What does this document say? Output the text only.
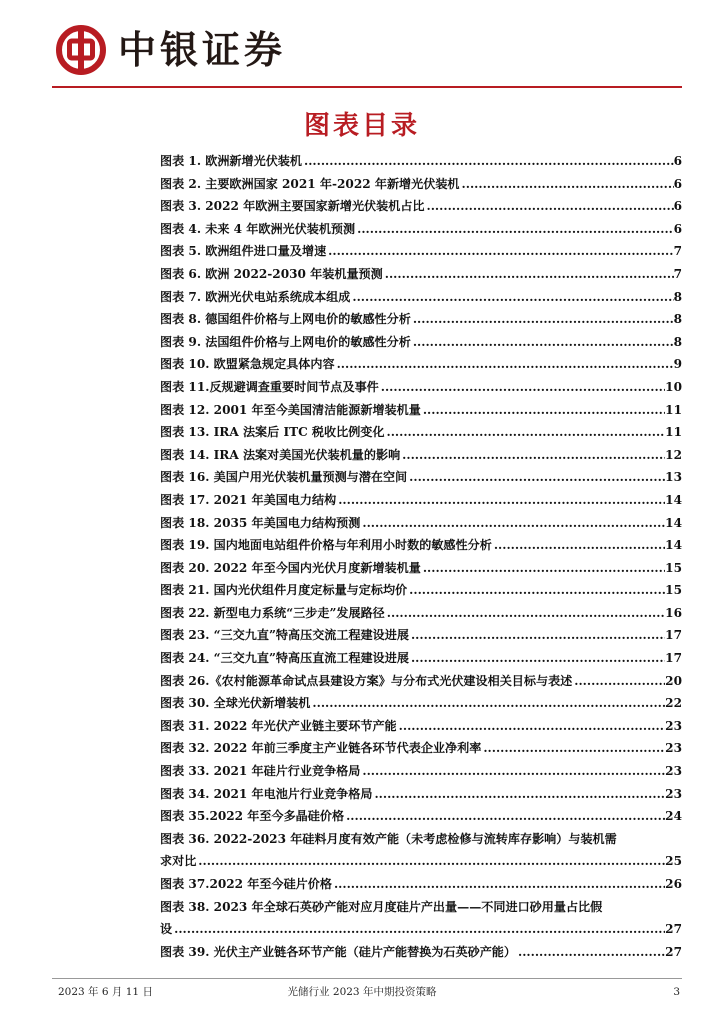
中银证券
图表目录
图表 1. 欧洲新增光伏装机 .....	6
图表 2. 主要欧洲国家 2021 年-2022 年新增光伏装机 .....	6
图表 3. 2022 年欧洲主要国家新增光伏装机占比 .....	6
图表 4. 未来 4 年欧洲光伏装机预测 .....	6
图表 5. 欧洲组件进口量及增速 .....	7
图表 6. 欧洲 2022-2030 年装机量预测 .....	7
图表 7. 欧洲光伏电站系统成本组成 .....	8
图表 8. 德国组件价格与上网电价的敏感性分析 .....	8
图表 9. 法国组件价格与上网电价的敏感性分析 .....	8
图表 10. 欧盟紧急规定具体内容 .....	9
图表 11.反规避调查重要时间节点及事件 .....	10
图表 12. 2001 年至今美国清洁能源新增装机量 .....	11
图表 13. IRA 法案后 ITC 税收比例变化 .....	11
图表 14. IRA 法案对美国光伏装机量的影响 .....	12
图表 16. 美国户用光伏装机量预测与潜在空间 .....	13
图表 17. 2021 年美国电力结构 .....	14
图表 18. 2035 年美国电力结构预测 .....	14
图表 19. 国内地面电站组件价格与年利用小时数的敏感性分析 .....	14
图表 20. 2022 年至今国内光伏月度新增装机量 .....	15
图表 21. 国内光伏组件月度定标量与定标均价 .....	15
图表 22. 新型电力系统“三步走”发展路径 .....	16
图表 23. “三交九直”特高压交流工程建设进展 .....	17
图表 24. “三交九直”特高压直流工程建设进展 .....	17
图表 26.《农村能源革命试点县建设方案》与分布式光伏建设相关目标与表述 .....	20
图表 30. 全球光伏新增装机 .....	22
图表 31. 2022 年光伏产业链主要环节产能 .....	23
图表 32. 2022 年前三季度主产业链各环节代表企业净利率 .....	23
图表 33. 2021 年硅片行业竞争格局 .....	23
图表 34. 2021 年电池片行业竞争格局 .....	23
图表 35.2022 年至今多晶硅价格 .....	24
图表 36. 2022-2023 年硅料月度有效产能（未考虑检修与流转库存影响）与装机需
求对比 .....	25
图表 37.2022 年至今硅片价格 .....	26
图表 38. 2023 年全球石英砂产能对应月度硅片产出量——不同进口砂用量占比假
设 .....	27
图表 39. 光伏主产业链各环节产能（硅片产能替换为石英砂产能） .....	27
2023 年 6 月 11 日	光储行业 2023 年中期投资策略	3
